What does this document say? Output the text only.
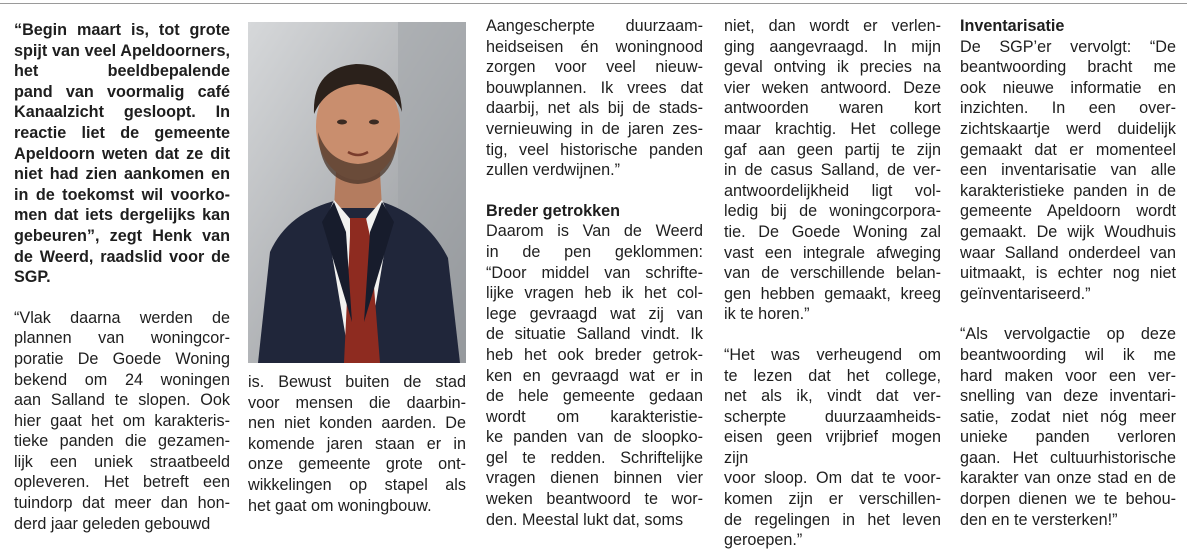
“Begin maart is, tot grote

spijt van veel Apeldoorners,

het beeldbepalende

pand van voormalig café

Kanaalzicht gesloopt. In

reactie liet de gemeente

Apeldoorn weten dat ze dit

niet had zien aankomen en

in de toekomst wil voorko-

men dat iets dergelijks kan

gebeuren”, zegt Henk van

de Weerd, raadslid voor de

SGP.

“Vlak daarna werden de

plannen van woningcor-

poratie De Goede Woning

bekend om 24 woningen

aan Salland te slopen. Ook

hier gaat het om karakteris-

tieke panden die gezamen-

lijk een uniek straatbeeld

opleveren. Het betreft een

tuindorp dat meer dan hon-

derd jaar geleden gebouwd

is. Bewust buiten de stad

voor mensen die daarbin-

nen niet konden aarden. De

komende jaren staan er in

onze gemeente grote ont-

wikkelingen op stapel als

het gaat om woningbouw.

Aangescherpte duurzaam-

heidseisen én woningnood

zorgen voor veel nieuw-

bouwplannen. Ik vrees dat

daarbij, net als bij de stads-

vernieuwing in de jaren zes-

tig, veel historische panden

zullen verdwijnen.”

Breder getrokken

Daarom is Van de Weerd

in de pen geklommen:

“Door middel van schrifte-

lijke vragen heb ik het col-

lege gevraagd wat zij van

de situatie Salland vindt. Ik

heb het ook breder getrok-

ken en gevraagd wat er in

de hele gemeente gedaan

wordt om karakteristie-

ke panden van de sloopko-

gel te redden. Schriftelijke

vragen dienen binnen vier

weken beantwoord te wor-

den. Meestal lukt dat, soms

niet, dan wordt er verlen-

ging aangevraagd. In mijn

geval ontving ik precies na

vier weken antwoord. Deze

antwoorden waren kort

maar krachtig. Het college

gaf aan geen partij te zijn

in de casus Salland, de ver-

antwoordelijkheid ligt vol-

ledig bij de woningcorpora-

tie. De Goede Woning zal

vast een integrale afweging

van de verschillende belan-

gen hebben gemaakt, kreeg

ik te horen.”

“Het was verheugend om

te lezen dat het college,

net als ik, vindt dat ver-

scherpte duurzaamheids-

eisen geen vrijbrief mogen zijn

voor sloop. Om dat te voor-

komen zijn er verschillen-

de regelingen in het leven

geroepen.”

Inventarisatie

De SGP’er vervolgt: “De

beantwoording bracht me

ook nieuwe informatie en

inzichten. In een over-

zichtskaartje werd duidelijk

gemaakt dat er momenteel

een inventarisatie van alle

karakteristieke panden in de

gemeente Apeldoorn wordt

gemaakt. De wijk Woudhuis

waar Salland onderdeel van

uitmaakt, is echter nog niet

geïnventariseerd.”

“Als vervolgactie op deze

beantwoording wil ik me

hard maken voor een ver-

snelling van deze inventari-

satie, zodat niet nóg meer

unieke panden verloren

gaan. Het cultuurhistorische

karakter van onze stad en de

dorpen dienen we te behou-

den en te versterken!”
